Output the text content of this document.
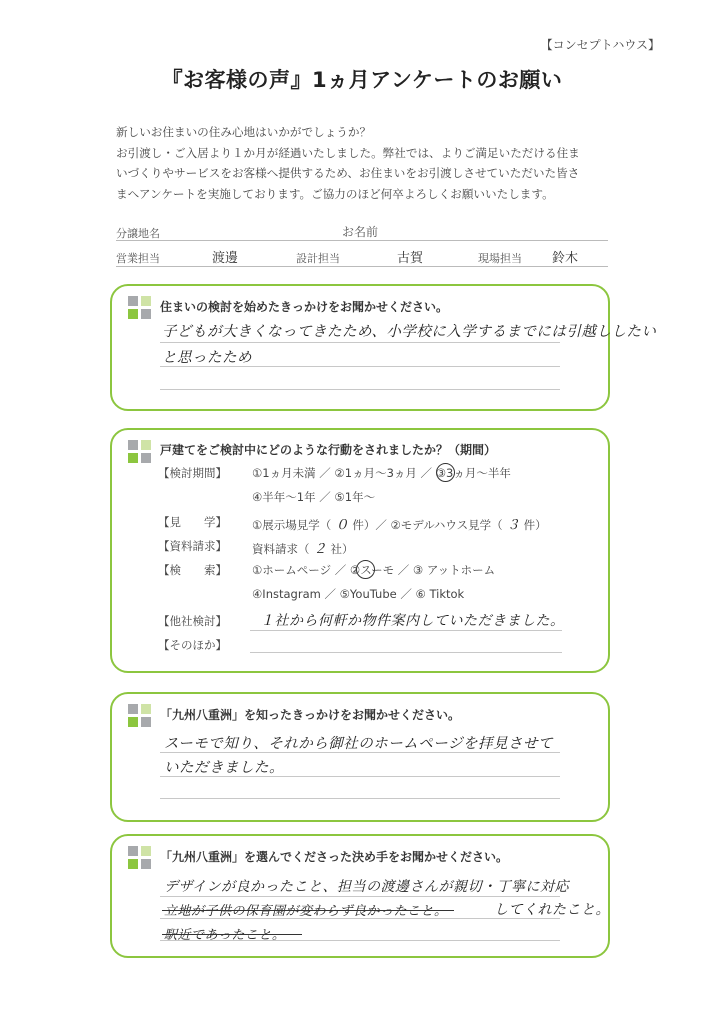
【コンセプトハウス】
『お客様の声』1ヵ月アンケートのお願い
新しいお住まいの住み心地はいかがでしょうか？
お引渡し・ご入居より１か月が経過いたしました。弊社では、よりご満足いただける住ま
いづくりやサービスをお客様へ提供するため、お住まいをお引渡しさせていただいた皆さ
まへアンケートを実施しております。ご協力のほど何卒よろしくお願いいたします。
分譲地名	お名前
営業担当	渡邊	設計担当	古賀	現場担当 鈴木
住まいの検討を始めたきっかけをお聞かせください。
子どもが大きくなってきたため、小学校に入学するまでには引越ししたい
と思ったため
戸建てをご検討中にどのような行動をされましたか？（期間）
【検討期間】 ①1ヵ月未満 ／ ②1ヵ月～3ヵ月 ／ ③3ヵ月～半年
④半年～1年 ／ ⑤1年～
【見　　学】 ①展示場見学（ ０ 件）／ ②モデルハウス見学（ ３ 件）
【資料請求】 資料請求（ ２ 社）
【検　　索】 ①ホームページ ／ ②スーモ ／ ③ アットホーム
④Instagram ／ ⑤YouTube ／ ⑥ Tiktok
【他社検討】 １社から何軒か物件案内していただきました。
【そのほか】
「九州八重洲」を知ったきっかけをお聞かせください。
スーモで知り、それから御社のホームページを拝見させて
いただきました。
「九州八重洲」を選んでくださった決め手をお聞かせください。
デザインが良かったこと、担当の渡邊さんが親切・丁寧に対応
立地が子供の保育園が変わらず良かったこと。	してくれたこと。
駅近であったこと。
